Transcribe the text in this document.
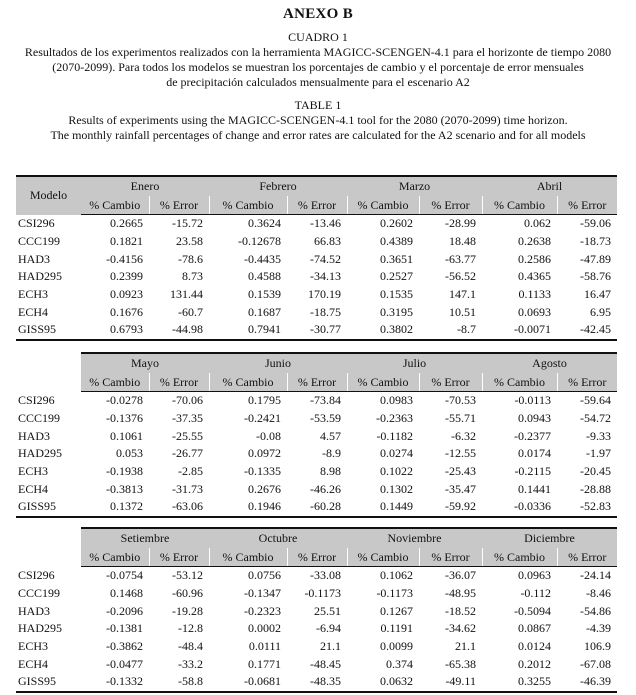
ANEXO B
CUADRO 1
Resultados de los experimentos realizados con la herramienta MAGICC-SCENGEN-4.1 para el horizonte de tiempo 2080
(2070-2099). Para todos los modelos se muestran los porcentajes de cambio y el porcentaje de error mensuales
de precipitación calculados mensualmente para el escenario A2
TABLE 1
Results of experiments using the MAGICC-SCENGEN-4.1 tool for the 2080 (2070-2099) time horizon.
The monthly rainfall percentages of change and error rates are calculated for the A2 scenario and for all models
Modelo	Enero		Febrero		Marzo		Abril	
	% Cambio	% Error	% Cambio	% Error	% Cambio	% Error	% Cambio	% Error
CSI296	0.2665	-15.72	0.3624	-13.46	0.2602	-28.99	0.062	-59.06
CCC199	0.1821	23.58	-0.12678	66.83	0.4389	18.48	0.2638	-18.73
HAD3	-0.4156	-78.6	-0.4435	-74.52	0.3651	-63.77	0.2586	-47.89
HAD295	0.2399	8.73	0.4588	-34.13	0.2527	-56.52	0.4365	-58.76
ECH3	0.0923	131.44	0.1539	170.19	0.1535	147.1	0.1133	16.47
ECH4	0.1676	-60.7	0.1687	-18.75	0.3195	10.51	0.0693	6.95
GISS95	0.6793	-44.98	0.7941	-30.77	0.3802	-8.7	-0.0071	-42.45
	Mayo		Junio		Julio		Agosto	
	% Cambio	% Error	% Cambio	% Error	% Cambio	% Error	% Cambio	% Error
CSI296	-0.0278	-70.06	0.1795	-73.84	0.0983	-70.53	-0.0113	-59.64
CCC199	-0.1376	-37.35	-0.2421	-53.59	-0.2363	-55.71	0.0943	-54.72
HAD3	0.1061	-25.55	-0.08	4.57	-0.1182	-6.32	-0.2377	-9.33
HAD295	0.053	-26.77	0.0972	-8.9	0.0274	-12.55	0.0174	-1.97
ECH3	-0.1938	-2.85	-0.1335	8.98	0.1022	-25.43	-0.2115	-20.45
ECH4	-0.3813	-31.73	0.2676	-46.26	0.1302	-35.47	0.1441	-28.88
GISS95	0.1372	-63.06	0.1946	-60.28	0.1449	-59.92	-0.0336	-52.83
	Setiembre		Octubre		Noviembre		Diciembre	
	% Cambio	% Error	% Cambio	% Error	% Cambio	% Error	% Cambio	% Error
CSI296	-0.0754	-53.12	0.0756	-33.08	0.1062	-36.07	0.0963	-24.14
CCC199	0.1468	-60.96	-0.1347	-0.1173	-0.1173	-48.95	-0.112	-8.46
HAD3	-0.2096	-19.28	-0.2323	25.51	0.1267	-18.52	-0.5094	-54.86
HAD295	-0.1381	-12.8	0.0002	-6.94	0.1191	-34.62	0.0867	-4.39
ECH3	-0.3862	-48.4	0.0111	21.1	0.0099	21.1	0.0124	106.9
ECH4	-0.0477	-33.2	0.1771	-48.45	0.374	-65.38	0.2012	-67.08
GISS95	-0.1332	-58.8	-0.0681	-48.35	0.0632	-49.11	0.3255	-46.39
